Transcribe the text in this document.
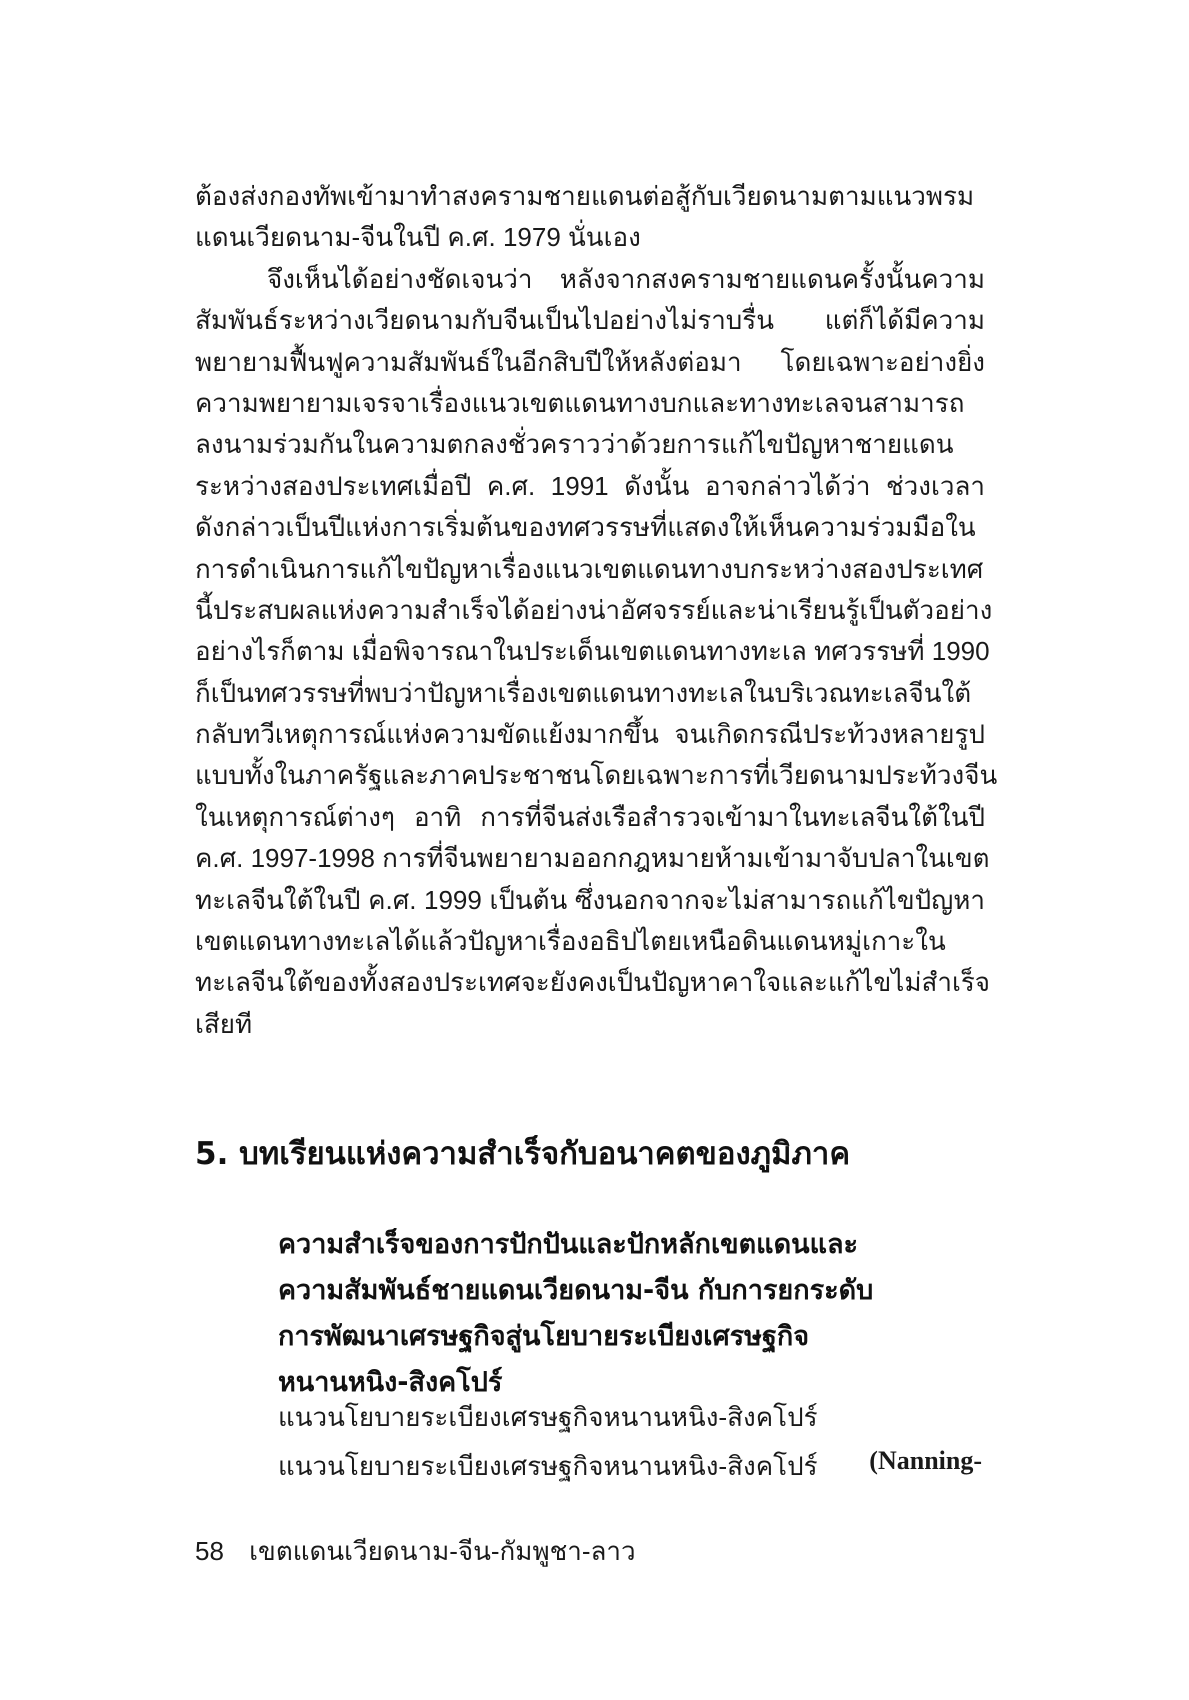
ต้องส่งกองทัพเข้ามาทำสงครามชายแดนต่อสู้กับเวียดนามตามแนวพรม
แดนเวียดนาม-จีนในปี ค.ศ. 1979 นั่นเอง
จึงเห็นได้อย่างชัดเจนว่า หลังจากสงครามชายแดนครั้งนั้นความ
สัมพันธ์ระหว่างเวียดนามกับจีนเป็นไปอย่างไม่ราบรื่น แต่ก็ได้มีความ
พยายามฟื้นฟูความสัมพันธ์ในอีกสิบปีให้หลังต่อมา โดยเฉพาะอย่างยิ่ง
ความพยายามเจรจาเรื่องแนวเขตแดนทางบกและทางทะเลจนสามารถ
ลงนามร่วมกันในความตกลงชั่วคราวว่าด้วยการแก้ไขปัญหาชายแดน
ระหว่างสองประเทศเมื่อปี ค.ศ. 1991 ดังนั้น อาจกล่าวได้ว่า ช่วงเวลา
ดังกล่าวเป็นปีแห่งการเริ่มต้นของทศวรรษที่แสดงให้เห็นความร่วมมือใน
การดำเนินการแก้ไขปัญหาเรื่องแนวเขตแดนทางบกระหว่างสองประเทศ
นี้ประสบผลแห่งความสำเร็จได้อย่างน่าอัศจรรย์และน่าเรียนรู้เป็นตัวอย่าง
อย่างไรก็ตาม เมื่อพิจารณาในประเด็นเขตแดนทางทะเล ทศวรรษที่ 1990
ก็เป็นทศวรรษที่พบว่าปัญหาเรื่องเขตแดนทางทะเลในบริเวณทะเลจีนใต้
กลับทวีเหตุการณ์แห่งความขัดแย้งมากขึ้น จนเกิดกรณีประท้วงหลายรูป
แบบทั้งในภาครัฐและภาคประชาชนโดยเฉพาะการที่เวียดนามประท้วงจีน
ในเหตุการณ์ต่างๆ อาทิ การที่จีนส่งเรือสำรวจเข้ามาในทะเลจีนใต้ในปี
ค.ศ. 1997-1998 การที่จีนพยายามออกกฎหมายห้ามเข้ามาจับปลาในเขต
ทะเลจีนใต้ในปี ค.ศ. 1999 เป็นต้น ซึ่งนอกจากจะไม่สามารถแก้ไขปัญหา
เขตแดนทางทะเลได้แล้วปัญหาเรื่องอธิปไตยเหนือดินแดนหมู่เกาะใน
ทะเลจีนใต้ของทั้งสองประเทศจะยังคงเป็นปัญหาคาใจและแก้ไขไม่สำเร็จ
เสียที

5. บทเรียนแห่งความสำเร็จกับอนาคตของภูมิภาค
ความสำเร็จของการปักปันและปักหลักเขตแดนและ
ความสัมพันธ์ชายแดนเวียดนาม-จีน กับการยกระดับ
การพัฒนาเศรษฐกิจสู่นโยบายระเบียงเศรษฐกิจ
หนานหนิง-สิงคโปร์

แนวนโยบายระเบียงเศรษฐกิจหนานหนิง-สิงคโปร์

แนวนโยบายระเบียงเศรษฐกิจหนานหนิง-สิงคโปร์ (Nanning-

58 เขตแดนเวียดนาม-จีน-กัมพูชา-ลาว
